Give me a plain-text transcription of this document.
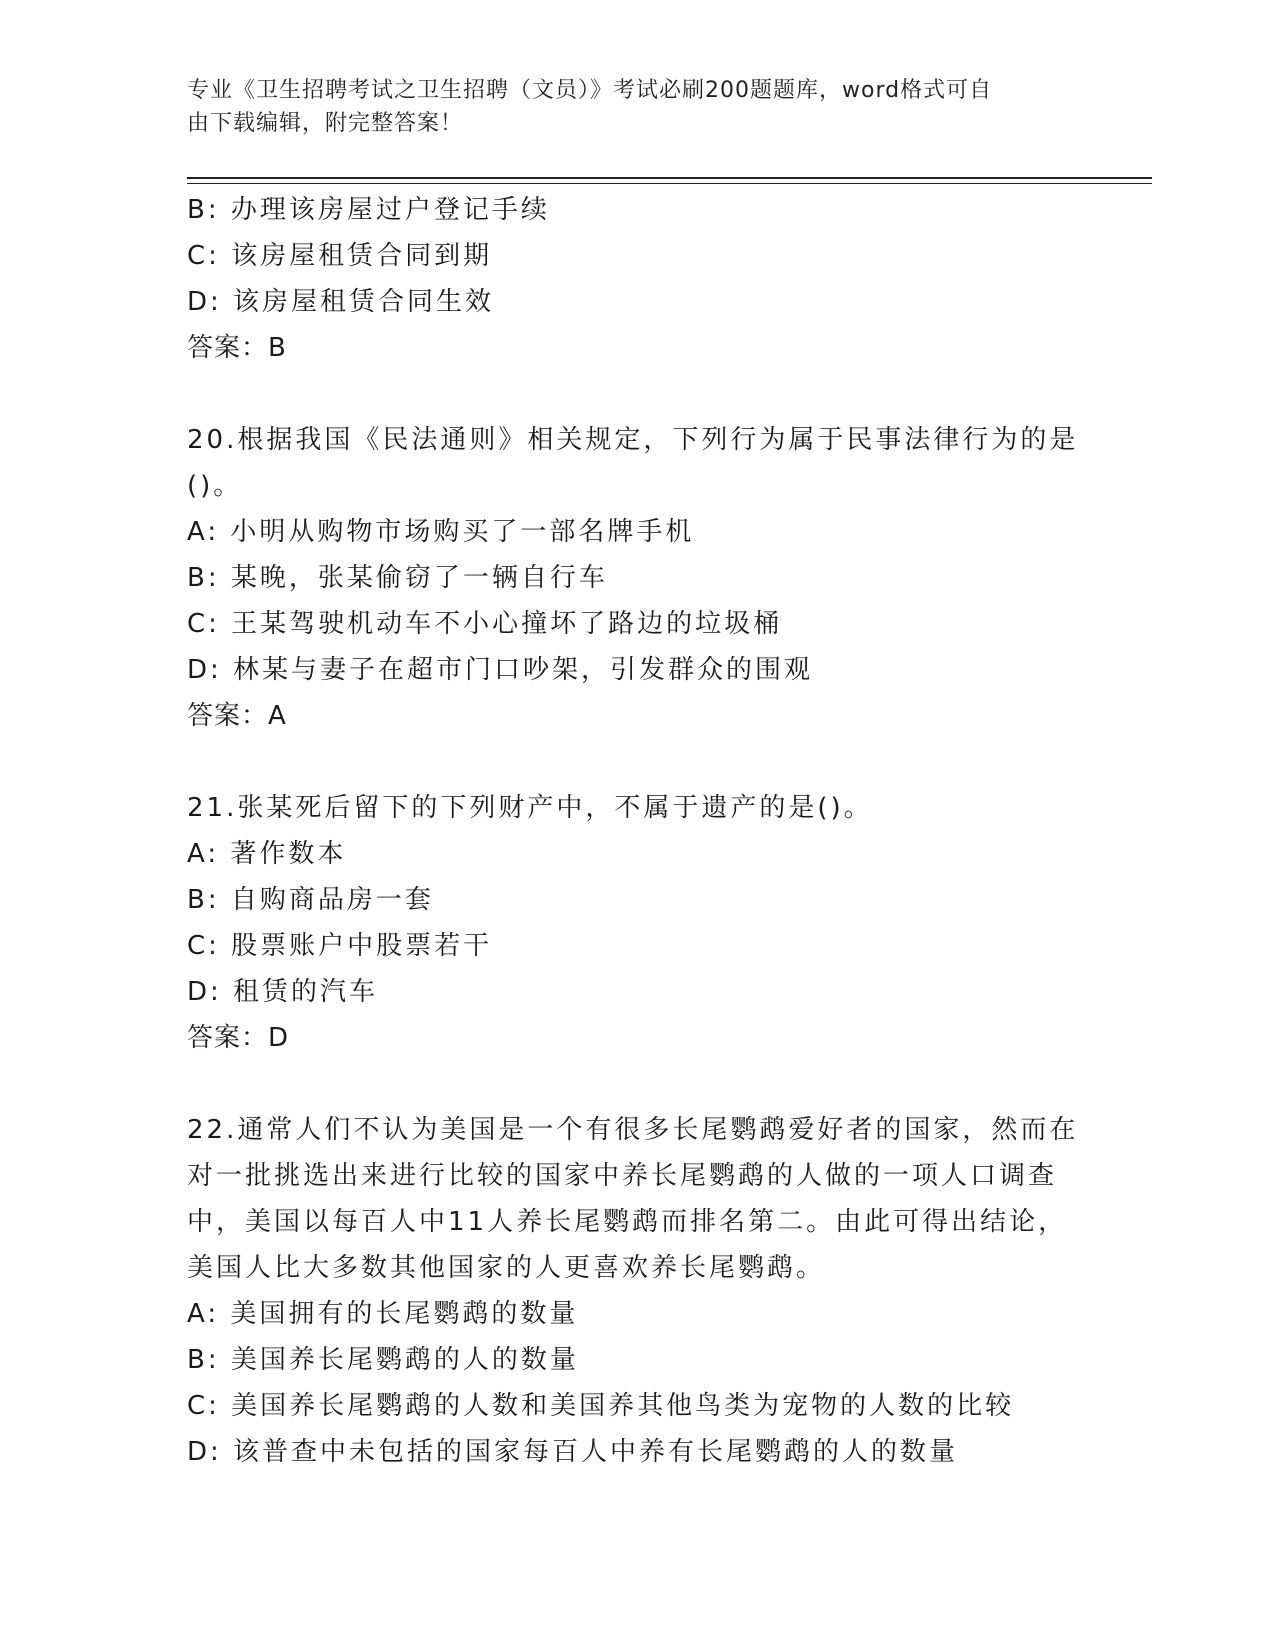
专业《卫生招聘考试之卫生招聘（文员）》考试必刷200题题库，word格式可自
由下载编辑，附完整答案！
B: 办理该房屋过户登记手续
C: 该房屋租赁合同到期
D: 该房屋租赁合同生效
答案：B
20.根据我国《民法通则》相关规定，下列行为属于民事法律行为的是
()。
A: 小明从购物市场购买了一部名牌手机
B: 某晚，张某偷窃了一辆自行车
C: 王某驾驶机动车不小心撞坏了路边的垃圾桶
D: 林某与妻子在超市门口吵架，引发群众的围观
答案：A
21.张某死后留下的下列财产中，不属于遗产的是()。
A: 著作数本
B: 自购商品房一套
C: 股票账户中股票若干
D: 租赁的汽车
答案：D
22.通常人们不认为美国是一个有很多长尾鹦鹉爱好者的国家，然而在
对一批挑选出来进行比较的国家中养长尾鹦鹉的人做的一项人口调查
中，美国以每百人中11人养长尾鹦鹉而排名第二。由此可得出结论，
美国人比大多数其他国家的人更喜欢养长尾鹦鹉。
A: 美国拥有的长尾鹦鹉的数量
B: 美国养长尾鹦鹉的人的数量
C: 美国养长尾鹦鹉的人数和美国养其他鸟类为宠物的人数的比较
D: 该普查中未包括的国家每百人中养有长尾鹦鹉的人的数量
